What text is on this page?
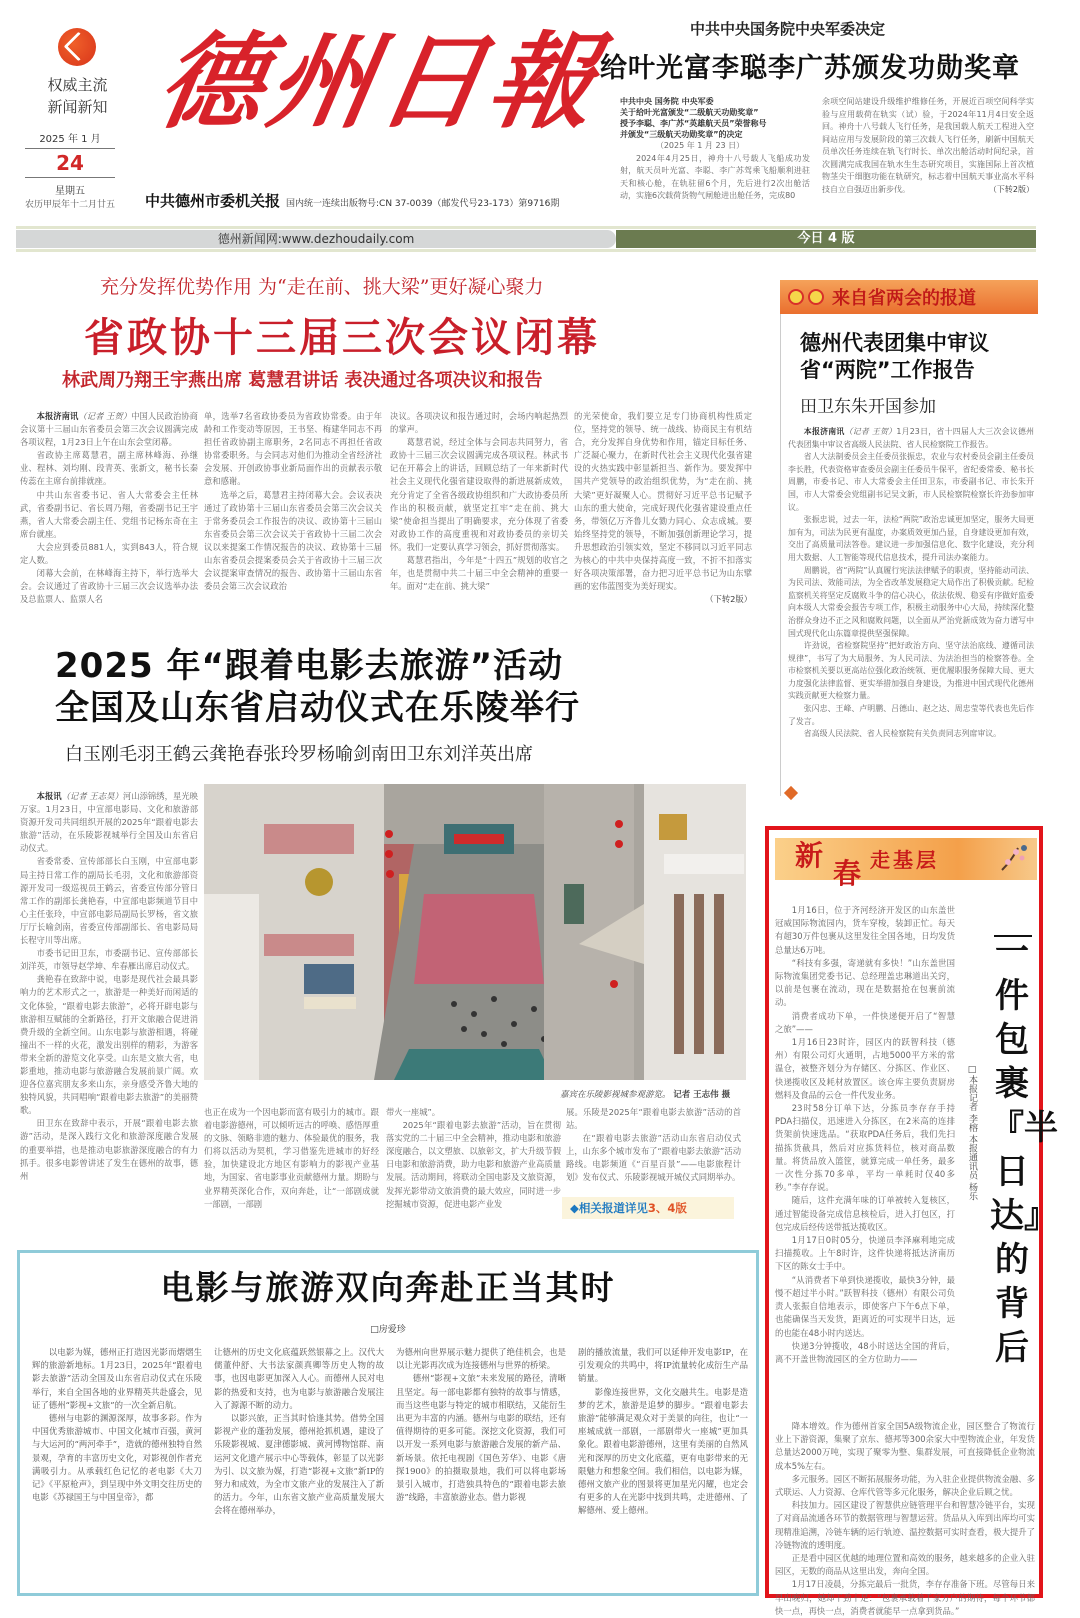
权威主流
新闻新知
2025 年 1 月
24
星期五
农历甲辰年十二月廿五
德州日報
中共德州市委机关报 国内统一连续出版物号:CN 37-0039（邮发代号23-173）第9716期
中共中央国务院中央军委决定
给叶光富李聪李广苏颁发功勋奖章
中共中央 国务院 中央军委
关于给叶光富颁发“二级航天功勋奖章”
授予李聪、李广苏“英雄航天员”荣誉称号
并颁发“三级航天功勋奖章”的决定
（2025 年 1 月 23 日）
2024年4月25日，神舟十八号载人飞船成功发射，航天员叶光富、李聪、李广苏驾乘飞船顺利进驻天和核心舱，在轨驻留6个月，先后进行2次出舱活动，实施6次载荷货物气闸舱进出舱任务，完成80
余项空间站建设升级维护维修任务，开展近百项空间科学实验与应用载荷在轨实（试）验，于2024年11月4日安全返回。神舟十八号载人飞行任务，是我国载人航天工程进入空间站应用与发展阶段的第三次载人飞行任务，刷新中国航天员单次任务连续在轨飞行时长、单次出舱活动时间纪录，首次圆满完成我国在轨水生生态研究项目，实施国际上首次植物茎尖干细胞功能在轨研究，标志着中国航天事业高水平科技自立自强迈出新步伐。	（下转2版）
德州新闻网:www.dezhoudaily.com	今日 4 版
充分发挥优势作用 为“走在前、挑大梁”更好凝心聚力
省政协十三届三次会议闭幕
林武周乃翔王宇燕出席 葛慧君讲话 表决通过各项决议和报告

本报济南讯（记者 王贺）中国人民政治协商会议第十三届山东省委员会第三次会议圆满完成各项议程，1月23日上午在山东会堂闭幕。

省政协主席葛慧君，副主席林峰海、孙继业、程林、刘均刚、段青英、张新文，秘书长秦传蕊在主席台前排就座。

中共山东省委书记、省人大常委会主任林武，省委副书记、省长周乃翔，省委副书记王宇燕，省人大常委会副主任、党组书记杨东奇在主席台就座。

大会应到委员881人，实到843人，符合规定人数。

闭幕大会前，在林峰海主持下，举行选举大会。会议通过了省政协十三届三次会议选举办法及总监票人、监票人名

单，选举7名省政协委员为省政协常委。由于年龄和工作变动等原因，王书坚、梅建华同志不再担任省政协副主席职务，2名同志不再担任省政协常委职务。与会同志对他们为推动全省经济社会发展、开创政协事业新局面作出的贡献表示敬意和感谢。

选举之后，葛慧君主持闭幕大会。会议表决通过了政协第十三届山东省委员会第三次会议关于常务委员会工作报告的决议、政协第十三届山东省委员会第三次会议关于省政协十三届二次会议以来提案工作情况报告的决议、政协第十三届山东省委员会提案委员会关于省政协十三届三次会议提案审查情况的报告、政协第十三届山东省委员会第三次会议政治

决议。各项决议和报告通过时，会场内响起热烈的掌声。

葛慧君说，经过全体与会同志共同努力，省政协十三届三次会议圆满完成各项议程。林武书记在开幕会上的讲话，回顾总结了一年来新时代社会主义现代化强省建设取得的新进展新成效，充分肯定了全省各级政协组织和广大政协委员所作出的积极贡献，就坚定扛牢“走在前、挑大梁”使命担当提出了明确要求，充分体现了省委对政协工作的高度重视和对政协委员的亲切关怀。我们一定要认真学习领会，抓好贯彻落实。

葛慧君指出，今年是“十四五”规划的收官之年，也是贯彻中共二十届三中全会精神的重要一年。面对“走在前、挑大梁”

的光荣使命，我们要立足专门协商机构性质定位，坚持党的领导、统一战线、协商民主有机结合，充分发挥自身优势和作用，锚定目标任务、广泛凝心聚力，在新时代社会主义现代化强省建设的火热实践中彰显新担当、新作为。要发挥中国共产党领导的政治组织优势，为“走在前、挑大梁”更好凝聚人心。贯彻好习近平总书记赋予山东的重大使命，完成好现代化强省建设重点任务，带领亿万齐鲁儿女勠力同心、众志成城。要始终坚持党的领导，不断加强创新理论学习，提升思想政治引领实效，坚定不移同以习近平同志为核心的中共中央保持高度一致，不折不扣落实好各项决策部署，奋力把习近平总书记为山东擘画的宏伟蓝图变为美好现实。

（下转2版）

来自省两会的报道
德州代表团集中审议
省“两院”工作报告
田卫东朱开国参加

本报济南讯（记者 王贺）1月23日，省十四届人大三次会议德州代表团集中审议省高级人民法院、省人民检察院工作报告。

省人大法制委员会主任委员张振忠，农业与农村委员会副主任委员李长胜，代表资格审查委员会副主任委员牛保平，省纪委常委、秘书长周鹏，市委书记、市人大常委会主任田卫东，市委副书记、市长朱开国，市人大常委会党组副书记吴文新，市人民检察院检察长许劲参加审议。

张振忠说，过去一年，法检“两院”政治忠诚更加坚定，服务大局更加有为，司法为民更有温度，办案质效更加凸显，自身建设更加有效，交出了高质量司法答卷。建议进一步加强信息化、数字化建设，充分利用大数据、人工智能等现代信息技术，提升司法办案能力。

周鹏说，省“两院”认真履行宪法法律赋予的职责，坚持能动司法、为民司法、效能司法，为全省改革发展稳定大局作出了积极贡献。纪检监察机关将坚定反腐败斗争的信心决心，依法依规、稳妥有序做好监委向本级人大常委会报告专项工作，积极主动服务中心大局，持续深化整治群众身边不正之风和腐败问题，以全面从严治党新成效为奋力谱写中国式现代化山东篇章提供坚强保障。

许劲说，省检察院坚持“把好政治方向、坚守法治底线、遵循司法规律”，书写了为大局服务、为人民司法、为法治担当的检察答卷。全市检察机关要以更高站位强化政治统领、更优履职服务保障大局、更大力度强化法律监督、更实举措加强自身建设，为推进中国式现代化德州实践贡献更大检察力量。

张闪忠、王峰、卢明鹏、吕德山、赵之达、周忠莹等代表也先后作了发言。

省高级人民法院、省人民检察院有关负责同志列席审议。

2025 年“跟着电影去旅游”活动
全国及山东省启动仪式在乐陵举行
白玉刚毛羽王鹤云龚艳春张玲罗杨喻剑南田卫东刘洋英出席

本报讯（记者 王志昊）河山添锦绣，星光映万家。1月23日，中宣部电影局、文化和旅游部资源开发司共同组织开展的2025年“跟着电影去旅游”活动，在乐陵影视城举行全国及山东省启动仪式。

省委常委、宣传部部长白玉刚，中宣部电影局主持日常工作的副局长毛羽，文化和旅游部资源开发司一级巡视员王鹤云，省委宣传部分管日常工作的副部长龚艳春，中宣部电影频道节目中心主任张玲，中宣部电影局副局长罗杨，省文旅厅厅长喻剑南，省委宣传部副部长、省电影局局长程守川等出席。

市委书记田卫东，市委副书记、宣传部部长刘洋英，市领导赵学坤、牟春雁出席启动仪式。

龚艳春在致辞中说，电影是现代社会最具影响力的艺术形式之一，旅游是一种美好而闲适的文化体验，“跟着电影去旅游”，必将开辟电影与旅游相互赋能的全新路径，打开文旅融合促进消费升级的全新空间。山东电影与旅游相遇，将碰撞出不一样的火花，激发出别样的精彩，为游客带来全新的游览文化享受。山东是文旅大省，电影重地，推动电影与旅游融合发展前景广阔。欢迎各位嘉宾朋友多来山东，亲身感受齐鲁大地的独特风貌，共同唱响“跟着电影去旅游”的美丽赞歌。

田卫东在致辞中表示，开展“跟着电影去旅游”活动，是深入践行文化和旅游深度融合发展的重要举措，也是推动电影旅游深度融合的有力抓手。很多电影曾讲述了发生在德州的故事，德州

嘉宾在乐陵影视城参观游览。 记者 王志伟 摄

也正在成为一个因电影而富有吸引力的城市。跟着电影游德州，可以倾听远古的呼唤、感悟厚重的文脉、领略非遗的魅力、体验最优的服务，我们将以活动为契机，学习借鉴先进城市的好经验，加快建设北方地区有影响力的影视产业基地，为国家、省电影事业贡献德州力量。期盼与业界精英深化合作，双向奔赴，让“一部剧成就一部剧，一部剧

带火一座城”。

2025年“跟着电影去旅游”活动，旨在贯彻落实党的二十届三中全会精神，推动电影和旅游深度融合，以文塑旅、以旅彰文，扩大升级节假日电影和旅游消费，助力电影和旅游产业高质量发展。活动期间，将联动全国电影及文旅资源，发挥光影带动文旅消费的最大效应，同时进一步挖掘城市资源，促进电影产业发

展。乐陵是2025年“跟着电影去旅游”活动的首站。

在“跟着电影去旅游”活动山东省启动仪式上，山东多个城市发布了“跟着电影去旅游”活动路线。电影频道《“百星百景”——电影旅程计划》发布仪式、乐陵影视城开城仪式同期举办。

◆相关报道详见3、4版
电影与旅游双向奔赴正当其时
□房爱珍

以电影为媒，德州正打造因光影而熠熠生辉的旅游新地标。1月23日，2025年“跟着电影去旅游”活动全国及山东省启动仪式在乐陵举行，来自全国各地的业界精英共赴盛会，见证了德州“影视+文旅”的一次全新启航。

德州与电影的渊源深厚，故事多彩。作为中国优秀旅游城市、中国文化城市百强，黄河与大运河的“两河牵手”，造就的德州独特自然景观，孕育的丰富历史文化，对影视创作者充满吸引力。从承载红色记忆的老电影《大刀记》《平原枪声》，到呈现中外文明交往历史的电影《苏禄国王与中国皇帝》，都

让德州的历史文化底蕴跃然银幕之上。汉代大儒董仲舒、大书法家颜真卿等历史人物的故事，也因电影更加深入人心。而德州人民对电影的热爱和支持，也为电影与旅游融合发展注入了源源不断的动力。

以影兴旅，正当其时恰逢其势。借势全国影视产业的蓬勃发展，德州抢抓机遇，建设了乐陵影视城、夏津德影城、黄河博物馆群、南运河文化遗产展示中心等载体，彰显了以光影为引、以文旅为媒，打造“影视+文旅”新IP的努力和成效，为全市文旅产业的发展注入了新的活力。今年，山东省文旅产业高质量发展大会将在德州举办，

为德州向世界展示魅力提供了绝佳机会，也是以让光影再次成为连接德州与世界的桥梁。

德州“影视+文旅”未来发展的路径，清晰且坚定。每一部电影都有独特的故事与情感，而当这些电影与特定的城市相联结，又能衍生出更为丰富的内涵。德州与电影的联结，还有值得期待的更多可能。深挖文化资源，我们可以开发一系列电影与旅游融合发展的新产品、新场景。依托电视剧《国色芳华》、电影《唐探1900》的拍摄取景地，我们可以将电影场景引入城市，打造独具特色的“跟着电影去旅游”线路，丰富旅游业态。借力影视

剧的播放流量，我们可以延伸开发电影IP，在引发观众的共鸣中，将IP流量转化成衍生产品销量。

影像连接世界，文化交融共生。电影是造梦的艺术，旅游是追梦的脚步。“跟着电影去旅游”能够满足观众对于美景的向往，也让“一座城成就一部剧，一部剧带火一座城”更加具象化。跟着电影游德州，这里有美丽的自然风光和深厚的历史文化底蕴，更有电影带来的无限魅力和想象空间。我们相信，以电影为媒，德州文旅产业的图景将更加星光闪耀，也定会有更多的人在光影中找到共鸣，走进德州、了解德州、爱上德州。

新
春 走基层

1月16日，位于齐河经济开发区的山东盖世冠威国际物流园内，货车穿梭，装卸正忙。每天有超30万件包裹从这里发往全国各地，日均发货总量达6万吨。

“科技有多强，寄递就有多快！”山东盖世国际物流集团党委书记、总经理盖忠琳道出关窍，以前是包裹在流动，现在是数据抢在包裹前流动。

消费者成功下单，一件快递便开启了“智慧之旅”——

1月16日23时许，园区内的跃智科技（德州）有限公司灯火通明，占地5000平方米的常温仓，被整齐划分为存储区、分拣区、作业区、快递揽收区及耗材放置区。该仓库主要负责厨房燃料及食品的云仓一件代发业务。

23时58分订单下达，分拣员李存存手持PDA扫描仪，迅速进入分拣区，在2米高的连排货架前快速选品。“获取PDA任务后，我们先扫描拣货截具，然后对应拣货料位，核对商品数量。将货品放入篮筐，就算完成一单任务，最多一次性分拣70多单，平均一单耗时仅40多秒。”李存存说。

随后，这件充满年味的订单被转入复核区，通过智能设备完成信息核检后，进入打包区，打包完成后经传送带抵达揽收区。

1月17日0时05分，快递员李泽麻利地完成扫描揽收。上午8时许，这件快递将抵达济南历下区的陈女士手中。

“从消费者下单到快递揽收，最快3分钟，最慢不超过半小时。”跃智科技（德州）有限公司负责人张振自信地表示，即使客户下午6点下单，也能确保当天发货，距离近的可实现半日达，远的也能在48小时内送达。

快递3分钟揽收，48小时送达全国的背后，离不开盖世物流园区的全方位助力——

降本增效。作为德州首家全国5A级物流企业，园区整合了物流行业上下游资源，集聚了京东、德邦等300余家大中型物流企业，年发货总量达2000万吨，实现了聚零为整、集群发展，可直接降低企业物流成本5%左右。

多元服务。园区不断拓展服务功能，为入驻企业提供物流金融、多式联运、人力资源、仓库代管等多元化服务，解决企业后顾之忧。

科技加力。园区建设了智慧供应链管理平台和智慧冷链平台，实现了对商品流通各环节的数据管理与智慧运营。货品从入库到出库均可实现精准追溯，冷链车辆的运行轨迹、温控数据可实时查看，极大提升了冷链物流的透明度。

正是看中园区优越的地理位置和高效的服务，越来越多的企业入驻园区，无数的商品从这里出发，奔向全国。

1月17日凌晨，分拣完最后一批货，李存存准备下班。尽管每日来早出晚归，她却干劲十足：“包裹承载着千家万户的期待，每个环节都快一点，再快一点，消费者就能早一点拿到货品。”

一件包裹『半日达』的背后
□本报记者 李榕 本报通讯员 杨乐
